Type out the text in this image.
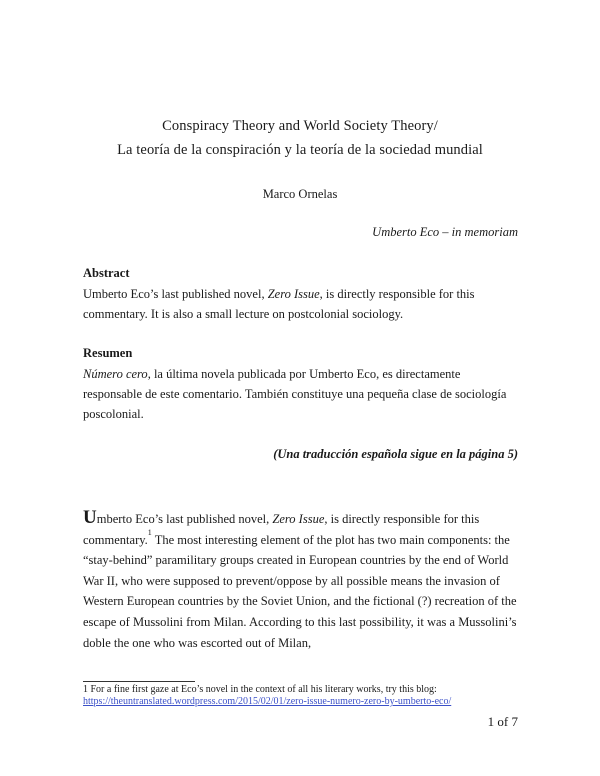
Conspiracy Theory and World Society Theory/
La teoría de la conspiración y la teoría de la sociedad mundial
Marco Ornelas
Umberto Eco – in memoriam
Abstract

Umberto Eco’s last published novel, Zero Issue, is directly responsible for this commentary. It is also a small lecture on postcolonial sociology.

Resumen

Número cero, la última novela publicada por Umberto Eco, es directamente responsable de este comentario. También constituye una pequeña clase de sociología poscolonial.

(Una traducción española sigue en la página 5)
Umberto Eco’s last published novel, Zero Issue, is directly responsible for this commentary.$^1$ The most interesting element of the plot has two main components: the “stay-behind” paramilitary groups created in European countries by the end of World War II, who were supposed to prevent/oppose by all possible means the invasion of Western European countries by the Soviet Union, and the fictional (?) recreation of the escape of Mussolini from Milan. According to this last possibility, it was a Mussolini’s doble the one who was escorted out of Milan,
1 For a fine first gaze at Eco’s novel in the context of all his literary works, try this blog:
https://theuntranslated.wordpress.com/2015/02/01/zero-issue-numero-zero-by-umberto-eco/
1 of 7
